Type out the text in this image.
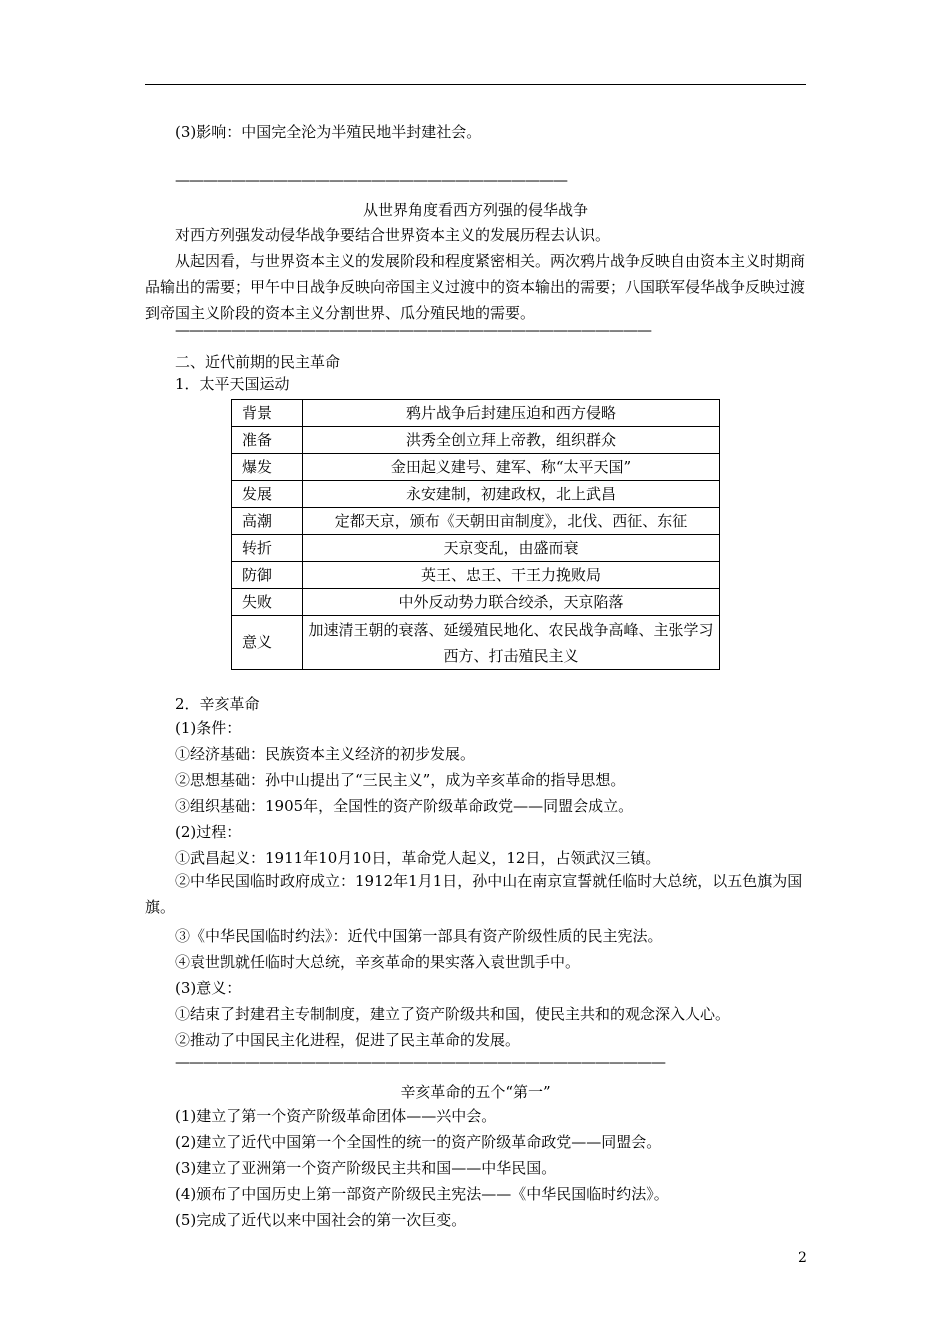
(3)影响：中国完全沦为半殖民地半封建社会。
————————————————————————————
从世界角度看西方列强的侵华战争
对西方列强发动侵华战争要结合世界资本主义的发展历程去认识。
从起因看，与世界资本主义的发展阶段和程度紧密相关。两次鸦片战争反映自由资本主义时期商品输出的需要；甲午中日战争反映向帝国主义过渡中的资本输出的需要；八国联军侵华战争反映过渡到帝国主义阶段的资本主义分割世界、瓜分殖民地的需要。
——————————————————————————————————
二、近代前期的民主革命
1．太平天国运动
背景	鸦片战争后封建压迫和西方侵略
准备	洪秀全创立拜上帝教，组织群众
爆发	金田起义建号、建军、称“太平天国”
发展	永安建制，初建政权，北上武昌
高潮	定都天京，颁布《天朝田亩制度》，北伐、西征、东征
转折	天京变乱，由盛而衰
防御	英王、忠王、干王力挽败局
失败	中外反动势力联合绞杀，天京陷落
意义	加速清王朝的衰落、延缓殖民地化、农民战争高峰、主张学习西方、打击殖民主义
2．辛亥革命
(1)条件：
①经济基础：民族资本主义经济的初步发展。
②思想基础：孙中山提出了“三民主义”，成为辛亥革命的指导思想。
③组织基础：1905年，全国性的资产阶级革命政党——同盟会成立。
(2)过程：
①武昌起义：1911年10月10日，革命党人起义，12日，占领武汉三镇。
②中华民国临时政府成立：1912年1月1日，孙中山在南京宣誓就任临时大总统，以五色旗为国旗。
③《中华民国临时约法》：近代中国第一部具有资产阶级性质的民主宪法。
④袁世凯就任临时大总统，辛亥革命的果实落入袁世凯手中。
(3)意义：
①结束了封建君主专制制度，建立了资产阶级共和国，使民主共和的观念深入人心。
②推动了中国民主化进程，促进了民主革命的发展。
———————————————————————————————————
辛亥革命的五个“第一”
(1)建立了第一个资产阶级革命团体——兴中会。
(2)建立了近代中国第一个全国性的统一的资产阶级革命政党——同盟会。
(3)建立了亚洲第一个资产阶级民主共和国——中华民国。
(4)颁布了中国历史上第一部资产阶级民主宪法——《中华民国临时约法》。
(5)完成了近代以来中国社会的第一次巨变。
2
